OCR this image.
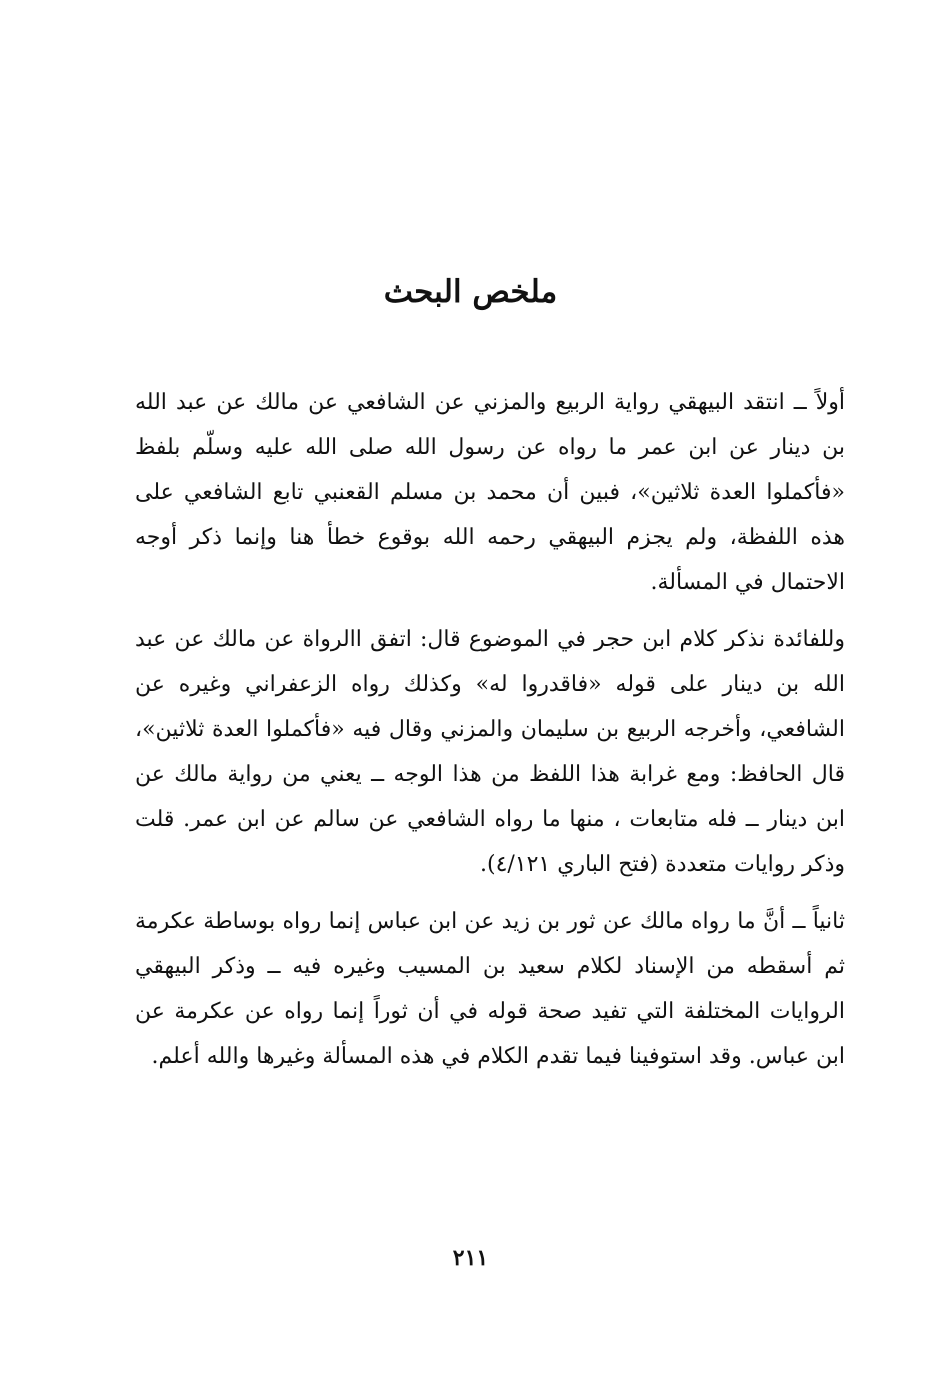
ملخص البحث

أولاً ــ انتقد البيهقي رواية الربيع والمزني عن الشافعي عن مالك عن عبد الله بن دينار عن ابن عمر ما رواه عن رسول الله صلى الله عليه وسلّم بلفظ «فأكملوا العدة ثلاثين»، فبين أن محمد بن مسلم القعنبي تابع الشافعي على هذه اللفظة، ولم يجزم البيهقي رحمه الله بوقوع خطأ هنا وإنما ذكر أوجه الاحتمال في المسألة.

وللفائدة نذكر كلام ابن حجر في الموضوع قال: اتفق االرواة عن مالك عن عبد الله بن دينار على قوله «فاقدروا له» وكذلك رواه الزعفراني وغيره عن الشافعي، وأخرجه الربيع بن سليمان والمزني وقال فيه «فأكملوا العدة ثلاثين»، قال الحافظ: ومع غرابة هذا اللفظ من هذا الوجه ــ يعني من رواية مالك عن ابن دينار ــ فله متابعات ، منها ما رواه الشافعي عن سالم عن ابن عمر. قلت وذكر روايات متعددة (فتح الباري ٤/١٢١).

ثانياً ــ أنَّ ما رواه مالك عن ثور بن زيد عن ابن عباس إنما رواه بوساطة عكرمة ثم أسقطه من الإسناد لكلام سعيد بن المسيب وغيره فيه ــ وذكر البيهقي الروايات المختلفة التي تفيد صحة قوله في أن ثوراً إنما رواه عن عكرمة عن ابن عباس. وقد استوفينا فيما تقدم الكلام في هذه المسألة وغيرها والله أعلم.

٢١١
